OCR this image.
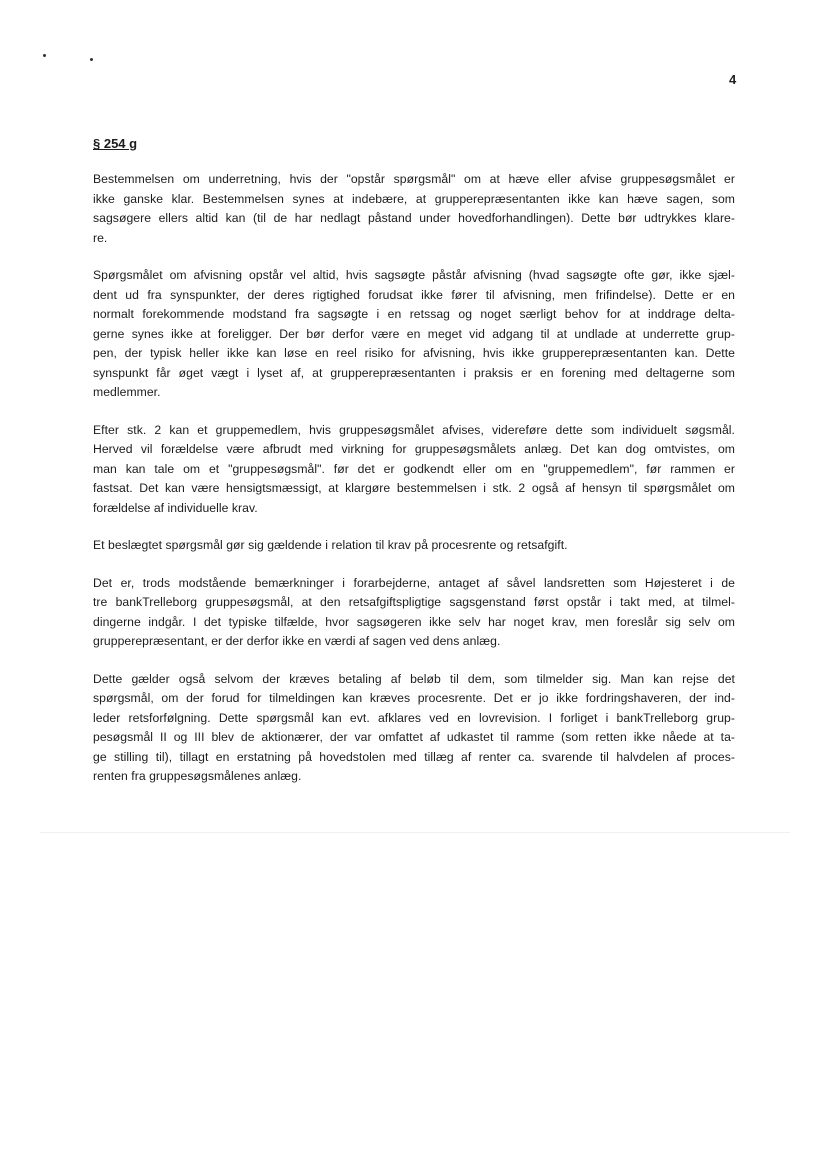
4
§ 254 g
Bestemmelsen om underretning, hvis der "opstår spørgsmål" om at hæve eller afvise gruppesøgsmålet er
ikke ganske klar. Bestemmelsen synes at indebære, at grupperepræsentanten ikke kan hæve sagen, som
sagsøgere ellers altid kan (til de har nedlagt påstand under hovedforhandlingen). Dette bør udtrykkes klare-
re.
Spørgsmålet om afvisning opstår vel altid, hvis sagsøgte påstår afvisning (hvad sagsøgte ofte gør, ikke sjæl-
dent ud fra synspunkter, der deres rigtighed forudsat ikke fører til afvisning, men frifindelse). Dette er en
normalt forekommende modstand fra sagsøgte i en retssag og noget særligt behov for at inddrage delta-
gerne synes ikke at foreligger. Der bør derfor være en meget vid adgang til at undlade at underrette grup-
pen, der typisk heller ikke kan løse en reel risiko for afvisning, hvis ikke grupperepræsentanten kan. Dette
synspunkt får øget vægt i lyset af, at grupperepræsentanten i praksis er en forening med deltagerne som
medlemmer.
Efter stk. 2 kan et gruppemedlem, hvis gruppesøgsmålet afvises, videreføre dette som individuelt søgsmål.
Herved vil forældelse være afbrudt med virkning for gruppesøgsmålets anlæg. Det kan dog omtvistes, om
man kan tale om et "gruppesøgsmål". før det er godkendt eller om en "gruppemedlem", før rammen er
fastsat. Det kan være hensigtsmæssigt, at klargøre bestemmelsen i stk. 2 også af hensyn til spørgsmålet om
forældelse af individuelle krav.
Et beslægtet spørgsmål gør sig gældende i relation til krav på procesrente og retsafgift.
Det er, trods modstående bemærkninger i forarbejderne, antaget af såvel landsretten som Højesteret i de
tre bankTrelleborg gruppesøgsmål, at den retsafgiftspligtige sagsgenstand først opstår i takt med, at tilmel-
dingerne indgår. I det typiske tilfælde, hvor sagsøgeren ikke selv har noget krav, men foreslår sig selv om
grupperepræsentant, er der derfor ikke en værdi af sagen ved dens anlæg.
Dette gælder også selvom der kræves betaling af beløb til dem, som tilmelder sig. Man kan rejse det
spørgsmål, om der forud for tilmeldingen kan kræves procesrente. Det er jo ikke fordringshaveren, der ind-
leder retsforfølgning. Dette spørgsmål kan evt. afklares ved en lovrevision. I forliget i bankTrelleborg grup-
pesøgsmål II og III blev de aktionærer, der var omfattet af udkastet til ramme (som retten ikke nåede at ta-
ge stilling til), tillagt en erstatning på hovedstolen med tillæg af renter ca. svarende til halvdelen af proces-
renten fra gruppesøgsmålenes anlæg.
